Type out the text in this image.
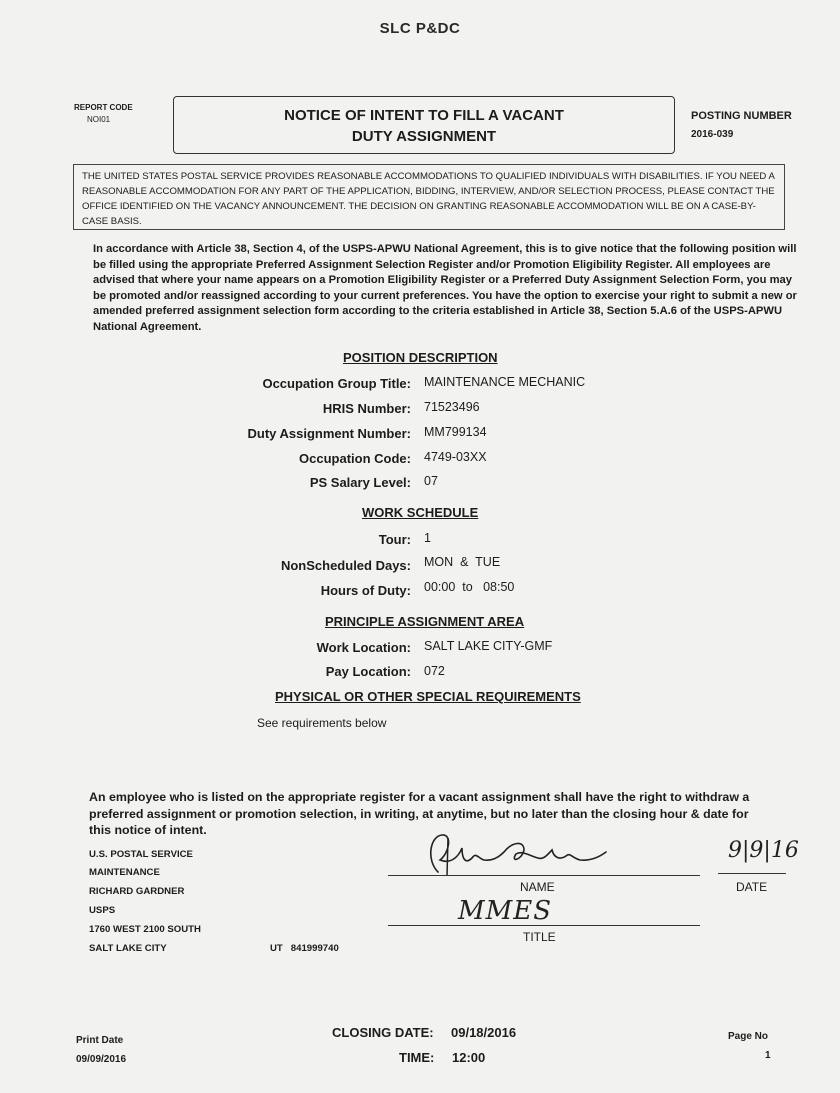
SLC P&DC
REPORT CODE
NOI01	NOTICE OF INTENT TO FILL A VACANT
DUTY ASSIGNMENT
POSTING NUMBER
2016-039
THE UNITED STATES POSTAL SERVICE PROVIDES REASONABLE ACCOMMODATIONS TO QUALIFIED INDIVIDUALS WITH DISABILITIES. IF YOU NEED A REASONABLE ACCOMMODATION FOR ANY PART OF THE APPLICATION, BIDDING, INTERVIEW, AND/OR SELECTION PROCESS, PLEASE CONTACT THE OFFICE IDENTIFIED ON THE VACANCY ANNOUNCEMENT. THE DECISION ON GRANTING REASONABLE ACCOMMODATION WILL BE ON A CASE-BY-CASE BASIS.
In accordance with Article 38, Section 4, of the USPS-APWU National Agreement, this is to give notice that the following position will be filled using the appropriate Preferred Assignment Selection Register and/or Promotion Eligibility Register. All employees are advised that where your name appears on a Promotion Eligibility Register or a Preferred Duty Assignment Selection Form, you may be promoted and/or reassigned according to your current preferences. You have the option to exercise your right to submit a new or amended preferred assignment selection form according to the criteria established in Article 38, Section 5.A.6 of the USPS-APWU National Agreement.
POSITION DESCRIPTION
Occupation Group Title: MAINTENANCE MECHANIC
HRIS Number: 71523496
Duty Assignment Number: MM799134
Occupation Code: 4749-03XX
PS Salary Level: 07
WORK SCHEDULE
Tour: 1
NonScheduled Days: MON  &  TUE
Hours of Duty: 00:00  to   08:50
PRINCIPLE ASSIGNMENT AREA
Work Location: SALT LAKE CITY-GMF
Pay Location: 072
PHYSICAL OR OTHER SPECIAL REQUIREMENTS
See requirements below
An employee who is listed on the appropriate register for a vacant assignment shall have the right to withdraw a preferred assignment or promotion selection, in writing, at anytime, but no later than the closing hour & date for this notice of intent.
U.S. POSTAL SERVICE
MAINTENANCE
RICHARD GARDNER
USPS
1760 WEST 2100 SOUTH
SALT LAKE CITY	UT   841999740
NAME
9|9|16
DATE
MMES
TITLE
Print Date
09/09/2016
CLOSING DATE: 09/18/2016
TIME: 12:00
Page No
1
